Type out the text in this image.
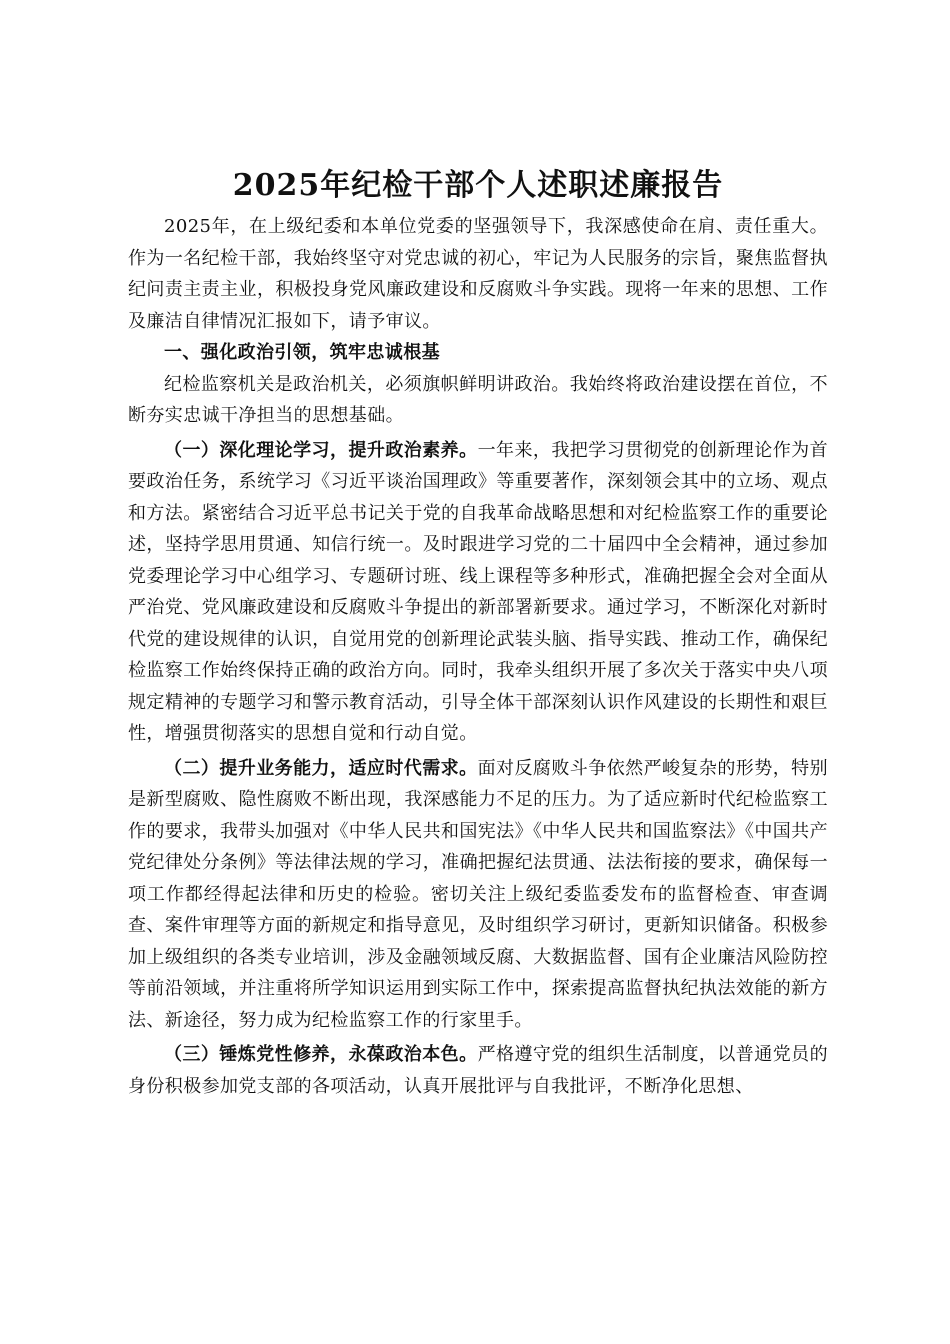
2025年纪检干部个人述职述廉报告

2025年，在上级纪委和本单位党委的坚强领导下，我深感使命在肩、责任重大。作为一名纪检干部，我始终坚守对党忠诚的初心，牢记为人民服务的宗旨，聚焦监督执纪问责主责主业，积极投身党风廉政建设和反腐败斗争实践。现将一年来的思想、工作及廉洁自律情况汇报如下，请予审议。

一、强化政治引领，筑牢忠诚根基

纪检监察机关是政治机关，必须旗帜鲜明讲政治。我始终将政治建设摆在首位，不断夯实忠诚干净担当的思想基础。

（一）深化理论学习，提升政治素养。一年来，我把学习贯彻党的创新理论作为首要政治任务，系统学习《习近平谈治国理政》等重要著作，深刻领会其中的立场、观点和方法。紧密结合习近平总书记关于党的自我革命战略思想和对纪检监察工作的重要论述，坚持学思用贯通、知信行统一。及时跟进学习党的二十届四中全会精神，通过参加党委理论学习中心组学习、专题研讨班、线上课程等多种形式，准确把握全会对全面从严治党、党风廉政建设和反腐败斗争提出的新部署新要求。通过学习，不断深化对新时代党的建设规律的认识，自觉用党的创新理论武装头脑、指导实践、推动工作，确保纪检监察工作始终保持正确的政治方向。同时，我牵头组织开展了多次关于落实中央八项规定精神的专题学习和警示教育活动，引导全体干部深刻认识作风建设的长期性和艰巨性，增强贯彻落实的思想自觉和行动自觉。

（二）提升业务能力，适应时代需求。面对反腐败斗争依然严峻复杂的形势，特别是新型腐败、隐性腐败不断出现，我深感能力不足的压力。为了适应新时代纪检监察工作的要求，我带头加强对《中华人民共和国宪法》《中华人民共和国监察法》《中国共产党纪律处分条例》等法律法规的学习，准确把握纪法贯通、法法衔接的要求，确保每一项工作都经得起法律和历史的检验。密切关注上级纪委监委发布的监督检查、审查调查、案件审理等方面的新规定和指导意见，及时组织学习研讨，更新知识储备。积极参加上级组织的各类专业培训，涉及金融领域反腐、大数据监督、国有企业廉洁风险防控等前沿领域，并注重将所学知识运用到实际工作中，探索提高监督执纪执法效能的新方法、新途径，努力成为纪检监察工作的行家里手。

（三）锤炼党性修养，永葆政治本色。严格遵守党的组织生活制度，以普通党员的身份积极参加党支部的各项活动，认真开展批评与自我批评，不断净化思想、
